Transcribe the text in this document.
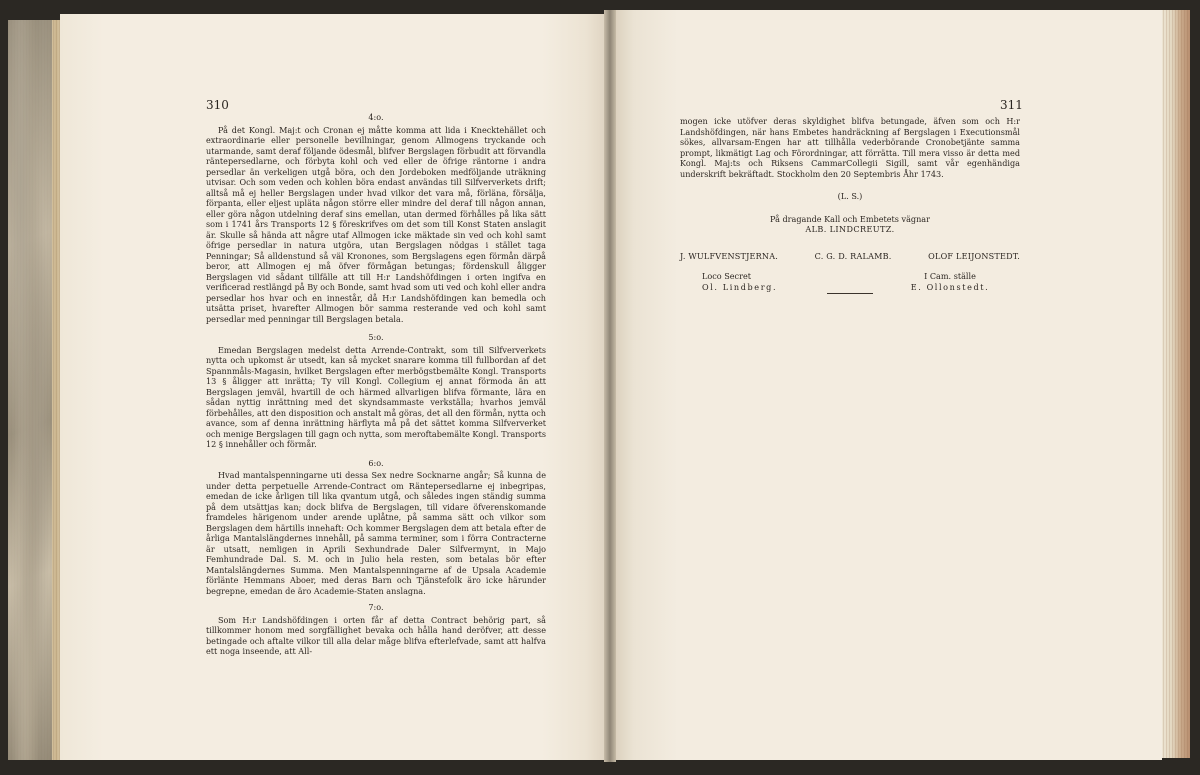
310
4:o.

På det Kongl. Maj:t och Cronan ej måtte komma att lida i Knecktehället och extraordinarie eller personelle bevillningar, genom Allmogens tryckande och utarmande, samt deraf följande ödesmål, blifver Bergslagen förbudit att förvandla räntepersedlarne, och förbyta kohl och ved eller de öfrige räntorne i andra persedlar än verkeligen utgå böra, och den Jordeboken medföljande uträkning utvisar. Och som veden och kohlen böra endast användas till Silfververkets drift; alltså må ej heller Bergslagen under hvad vilkor det vara må, förläna, försälja, förpanta, eller eljest upläta någon större eller mindre del deraf till någon annan, eller göra någon utdelning deraf sins emellan, utan dermed förhålles på lika sätt som i 1741 års Transports 12 § föreskrifves om det som till Konst Staten anslagit är. Skulle så hända att någre utaf Allmogen icke mäktade sin ved och kohl samt öfrige persedlar in natura utgöra, utan Bergslagen nödgas i stället taga Penningar; Så alldenstund så väl Kronones, som Bergslagens egen förmån därpå beror, att Allmogen ej må öfver förmågan betungas; fördenskull åligger Bergslagen vid sådant tillfälle att till H:r Landshöfdingen i orten ingifva en verificerad restlängd på By och Bonde, samt hvad som uti ved och kohl eller andra persedlar hos hvar och en innestår, då H:r Landshöfdingen kan bemedla och utsätta priset, hvarefter Allmogen bör samma resterande ved och kohl samt persedlar med penningar till Bergslagen betala.

5:o.

Emedan Bergslagen medelst detta Arrende-Contrakt, som till Silfververkets nytta och upkomst är utsedt, kan så mycket snarare komma till fullbordan af det Spannmåls-Magasin, hvilket Bergslagen efter merbögstbemälte Kongl. Transports 13 § åligger att inrätta; Ty vill Kongl. Collegium ej annat förmoda än att Bergslagen jemväl, hvartill de och härmed allvarligen blifva förmante, lära en sådan nyttig inrättning med det skyndsammaste verkställa; hvarhos jemväl förbehålles, att den disposition och anstalt må göras, det all den förmån, nytta och avance, som af denna inrättning härflyta må på det sättet komma Silfververket och menige Bergslagen till gagn och nytta, som meroftabemälte Kongl. Transports 12 § innehåller och förmår.

6:o.

Hvad mantalspenningarne uti dessa Sex nedre Socknarne angår; Så kunna de under detta perpetuelle Arrende-Contract om Räntepersedlarne ej inbegripas, emedan de icke årligen till lika qvantum utgå, och således ingen ständig summa på dem utsättjas kan; dock blifva de Bergslagen, till vidare öfverenskomande framdeles härigenom under arende uplåtne, på samma sätt och vilkor som Bergslagen dem härtills innehaft: Och kommer Bergslagen dem att betala efter de årliga Mantalslängdernes innehåll, på samma terminer, som i förra Contracterne är utsatt, nemligen in Aprili Sexhundrade Daler Silfvermynt, in Majo Femhundrade Dal. S. M. och in Julio hela resten, som betalas bör efter Mantalslängdernes Summa. Men Mantalspenningarne af de Upsala Academie förlänte Hemmans Aboer, med deras Barn och Tjänstefolk äro icke härunder begrepne, emedan de äro Academie-Staten anslagna.

7:o.

Som H:r Landshöfdingen i orten får af detta Contract behörig part, så tillkommer honom med sorgfällighet bevaka och hålla hand deröfver, att desse betingade och aftalte vilkor till alla delar måge blifva efterlefvade, samt att halfva ett noga inseende, att All-

311

mogen icke utöfver deras skyldighet blifva betungade, äfven som och H:r Landshöfdingen, när hans Embetes handräckning af Bergslagen i Executionsmål sökes, allvarsam-Engen har att tillhålla vederbörande Cronobetjänte samma prompt, likmätigt Lag och Förordningar, att förrätta. Till mera visso är detta med Kongl. Maj:ts och Riksens CammarCollegii Sigill, samt vår egenhändiga underskrift bekräftadt. Stockholm den 20 Septembris Åhr 1743.

(L. S.)
På dragande Kall och Embetets vägnar
ALB. LINDCREUTZ.
J. WULFVENSTJERNA.	C. G. D. RALAMB.	OLOF LEIJONSTEDT.
Loco Secret
Ol. Lindberg.
I Cam. ställe
E. Ollonstedt.
